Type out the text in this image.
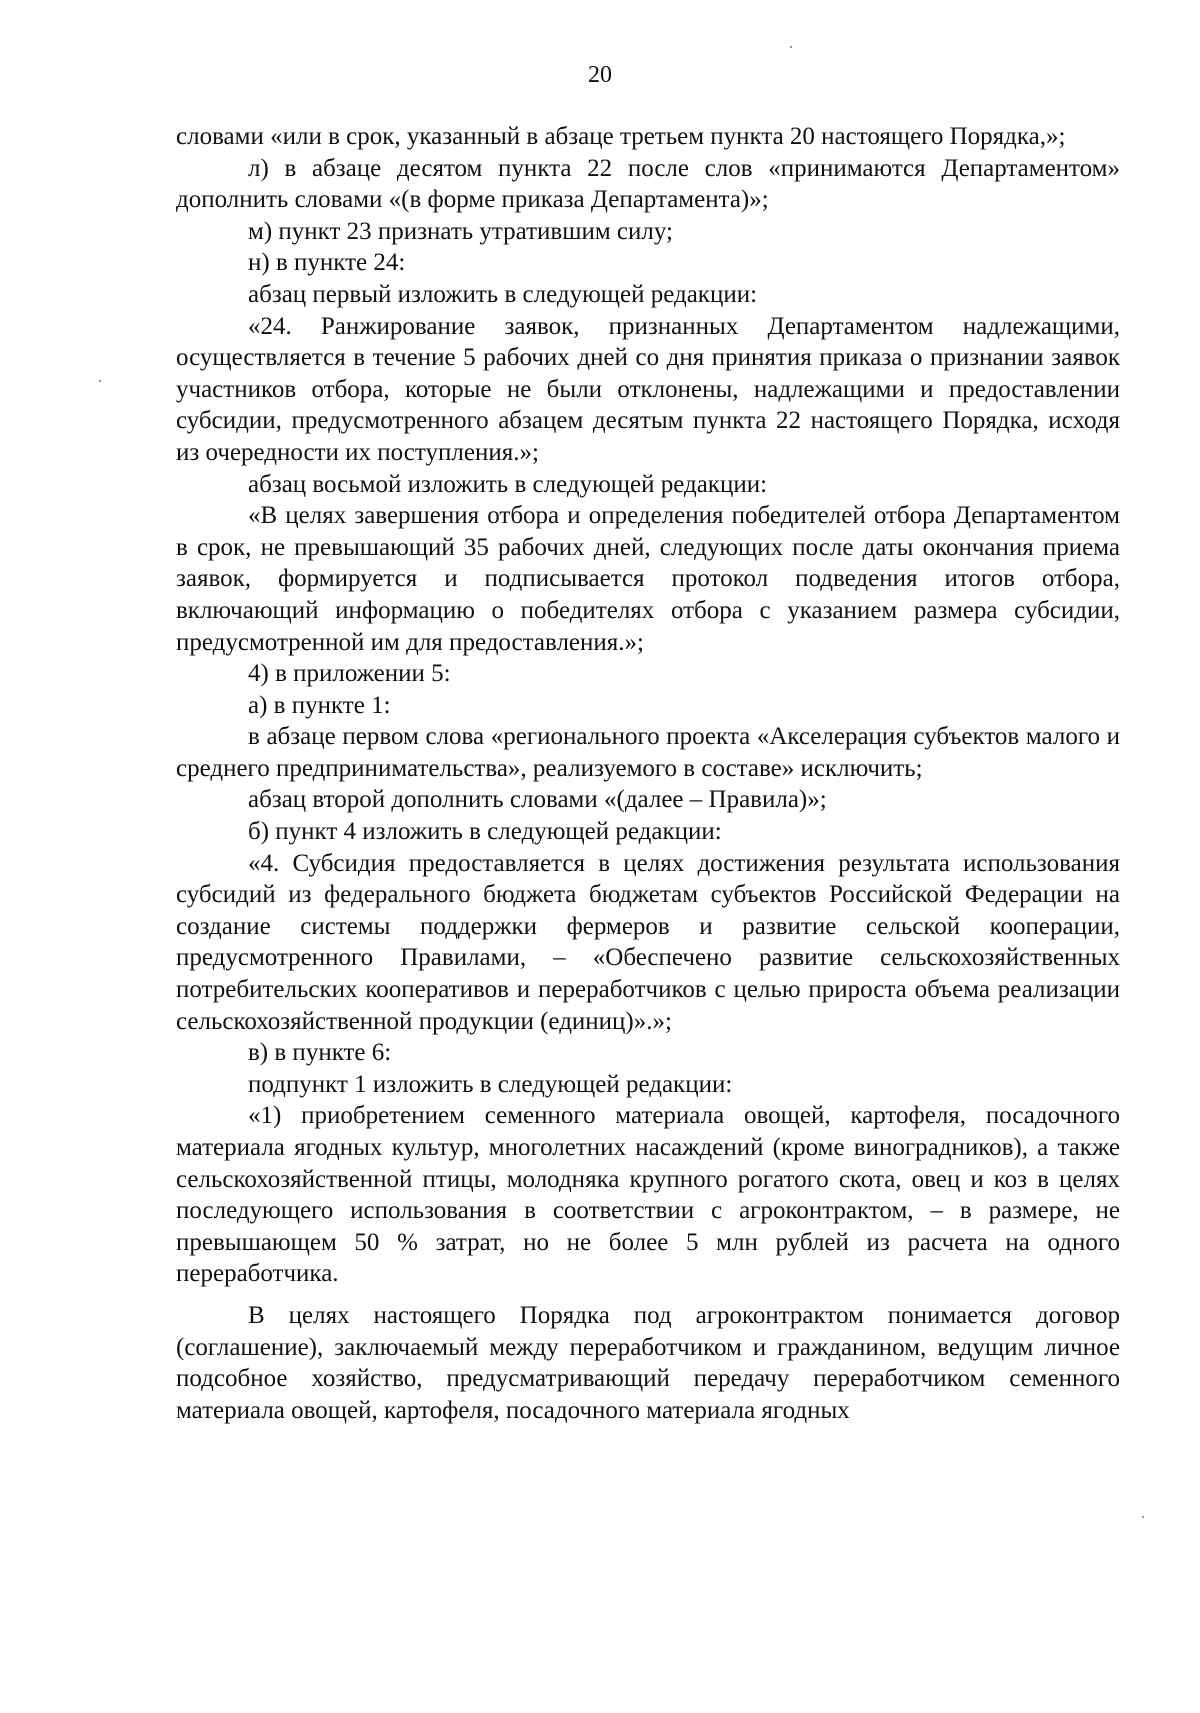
20

словами «или в срок, указанный в абзаце третьем пункта 20 настоящего Порядка,»;

л) в абзаце десятом пункта 22 после слов «принимаются Департаментом» дополнить словами «(в форме приказа Департамента)»;

м) пункт 23 признать утратившим силу;

н) в пункте 24:

абзац первый изложить в следующей редакции:

«24. Ранжирование заявок, признанных Департаментом надлежащими, осуществляется в течение 5 рабочих дней со дня принятия приказа о признании заявок участников отбора, которые не были отклонены, надлежащими и предоставлении субсидии, предусмотренного абзацем десятым пункта 22 настоящего Порядка, исходя из очередности их поступления.»;

абзац восьмой изложить в следующей редакции:

«В целях завершения отбора и определения победителей отбора Департаментом в срок, не превышающий 35 рабочих дней, следующих после даты окончания приема заявок, формируется и подписывается протокол подведения итогов отбора, включающий информацию о победителях отбора с указанием размера субсидии, предусмотренной им для предоставления.»;

4) в приложении 5:

а) в пункте 1:

в абзаце первом слова «регионального проекта «Акселерация субъектов малого и среднего предпринимательства», реализуемого в составе» исключить;

абзац второй дополнить словами «(далее – Правила)»;

б) пункт 4 изложить в следующей редакции:

«4. Субсидия предоставляется в целях достижения результата использования субсидий из федерального бюджета бюджетам субъектов Российской Федерации на создание системы поддержки фермеров и развитие сельской кооперации, предусмотренного Правилами, – «Обеспечено развитие сельскохозяйственных потребительских кооперативов и переработчиков с целью прироста объема реализации сельскохозяйственной продукции (единиц)».»;

в) в пункте 6:

подпункт 1 изложить в следующей редакции:

«1) приобретением семенного материала овощей, картофеля, посадочного материала ягодных культур, многолетних насаждений (кроме виноградников), а также сельскохозяйственной птицы, молодняка крупного рогатого скота, овец и коз в целях последующего использования в соответствии с агроконтрактом, – в размере, не превышающем 50 % затрат, но не более 5 млн рублей из расчета на одного переработчика.

В целях настоящего Порядка под агроконтрактом понимается договор (соглашение), заключаемый между переработчиком и гражданином, ведущим личное подсобное хозяйство, предусматривающий передачу переработчиком семенного материала овощей, картофеля, посадочного материала ягодных
